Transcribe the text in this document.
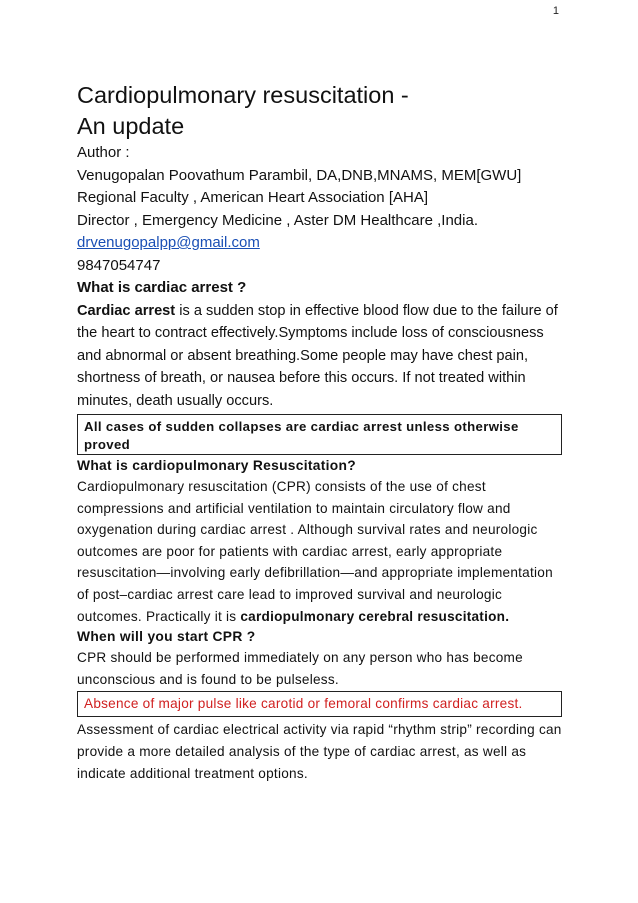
1
Cardiopulmonary resuscitation -
An update
Author :
Venugopalan Poovathum Parambil, DA,DNB,MNAMS, MEM[GWU]
Regional Faculty , American Heart Association [AHA]
Director , Emergency Medicine , Aster DM Healthcare ,India.
drvenugopalpp@gmail.com
9847054747
What is cardiac arrest ?
Cardiac arrest is a sudden stop in effective blood flow due to the failure of the heart to contract effectively.Symptoms include loss of consciousness and abnormal or absent breathing.Some people may have chest pain, shortness of breath, or nausea before this occurs. If not treated within minutes, death usually occurs.
All cases of sudden collapses are cardiac arrest unless otherwise proved
What is cardiopulmonary Resuscitation?
Cardiopulmonary resuscitation (CPR) consists of the use of chest compressions and artificial ventilation to maintain circulatory flow and oxygenation during cardiac arrest . Although survival rates and neurologic outcomes are poor for patients with cardiac arrest, early appropriate resuscitation—involving early defibrillation—and appropriate implementation of post–cardiac arrest care lead to improved survival and neurologic outcomes. Practically it is cardiopulmonary cerebral resuscitation.
When will you start CPR ?
CPR should be performed immediately on any person who has become unconscious and is found to be pulseless.
Absence of major pulse like carotid or femoral confirms cardiac arrest.
Assessment of cardiac electrical activity via rapid “rhythm strip” recording can provide a more detailed analysis of the type of cardiac arrest, as well as indicate additional treatment options.
